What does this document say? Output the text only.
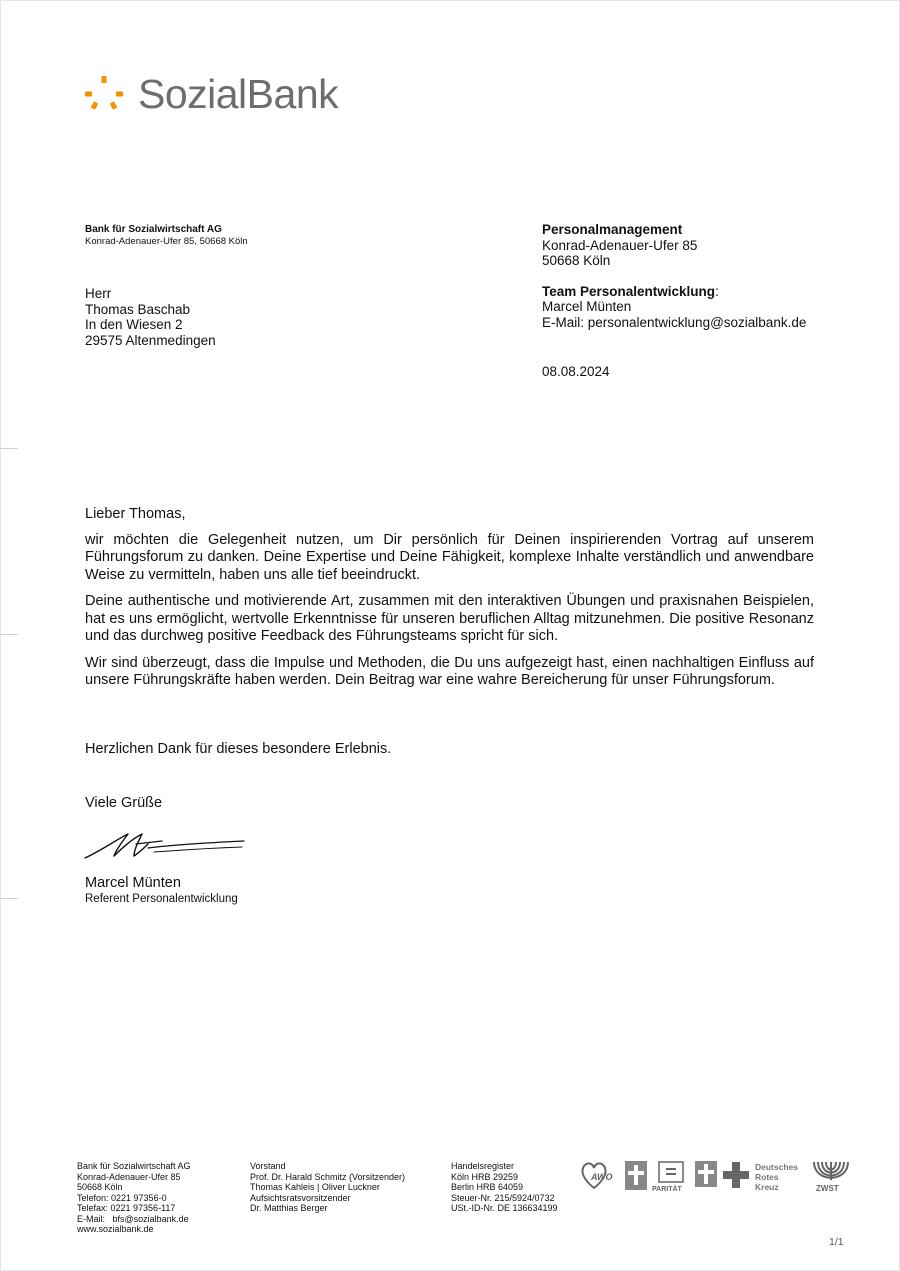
SozialBank
Bank für Sozialwirtschaft AG
Konrad-Adenauer-Ufer 85, 50668 Köln
Herr
Thomas Baschab
In den Wiesen 2
29575 Altenmedingen
Personalmanagement
Konrad-Adenauer-Ufer 85
50668 Köln
Team Personalentwicklung:
Marcel Münten
E-Mail: personalentwicklung@sozialbank.de
08.08.2024

Lieber Thomas,

wir möchten die Gelegenheit nutzen, um Dir persönlich für Deinen inspirierenden Vortrag auf unserem Führungsforum zu danken. Deine Expertise und Deine Fähigkeit, komplexe Inhalte verständlich und anwendbare Weise zu vermitteln, haben uns alle tief beeindruckt.

Deine authentische und motivierende Art, zusammen mit den interaktiven Übungen und praxisnahen Beispielen, hat es uns ermöglicht, wertvolle Erkenntnisse für unseren beruflichen Alltag mitzunehmen. Die positive Resonanz und das durchweg positive Feedback des Führungsteams spricht für sich.

Wir sind überzeugt, dass die Impulse und Methoden, die Du uns aufgezeigt hast, einen nachhaltigen Einfluss auf unsere Führungskräfte haben werden. Dein Beitrag war eine wahre Bereicherung für unser Führungsforum.

Herzlichen Dank für dieses besondere Erlebnis.
Viele Grüße
Marcel Münten
Referent Personalentwicklung
Bank für Sozialwirtschaft AG
Konrad-Adenauer-Ufer 85
50668 Köln
Telefon: 0221 97356-0
Telefax: 0221 97356-117
E-Mail:   bfs@sozialbank.de
www.sozialbank.de
Vorstand
Prof. Dr. Harald Schmitz (Vorsitzender)
Thomas Kahleis | Oliver Luckner
Aufsichtsratsvorsitzender
Dr. Matthias Berger
Handelsregister
Köln HRB 29259
Berlin HRB 64059
Steuer-Nr. 215/5924/0732
USt.-ID-Nr. DE 136634199
AWO
PARITÄT
Deutsches
Rotes
Kreuz	ZWST
1/1
